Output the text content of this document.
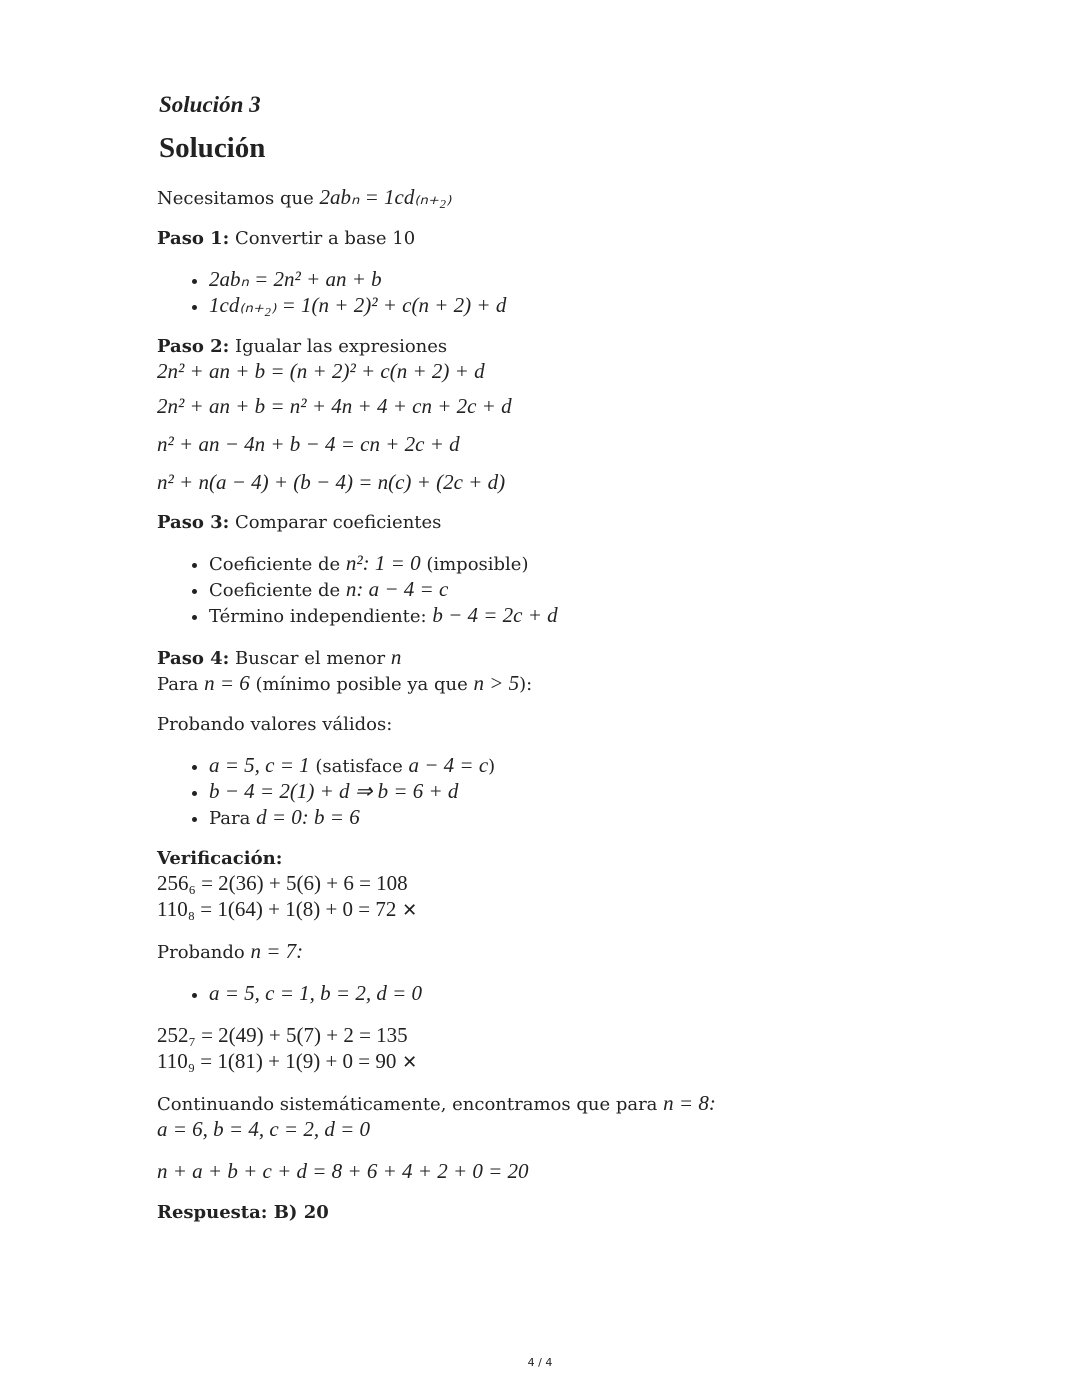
Solución 3
Solución
Necesitamos que 2abₙ = 1cd₍ₙ₊₂₎
Paso 1: Convertir a base 10
• 2abₙ = 2n² + an + b
• 1cd₍ₙ₊₂₎ = 1(n + 2)² + c(n + 2) + d
Paso 2: Igualar las expresiones
2n² + an + b = (n + 2)² + c(n + 2) + d
2n² + an + b = n² + 4n + 4 + cn + 2c + d
n² + an − 4n + b − 4 = cn + 2c + d
n² + n(a − 4) + (b − 4) = n(c) + (2c + d)
Paso 3: Comparar coeficientes
• Coeficiente de n²: 1 = 0 (imposible)
• Coeficiente de n: a − 4 = c
• Término independiente: b − 4 = 2c + d
Paso 4: Buscar el menor n
Para n = 6 (mínimo posible ya que n > 5):
Probando valores válidos:
• a = 5, c = 1 (satisface a − 4 = c)
• b − 4 = 2(1) + d ⇒ b = 6 + d
• Para d = 0: b = 6
Verificación:
256₆ = 2(36) + 5(6) + 6 = 108
110₈ = 1(64) + 1(8) + 0 = 72 ✕
Probando n = 7:
• a = 5, c = 1, b = 2, d = 0
252₇ = 2(49) + 5(7) + 2 = 135
110₉ = 1(81) + 1(9) + 0 = 90 ✕
Continuando sistemáticamente, encontramos que para n = 8:
a = 6, b = 4, c = 2, d = 0
n + a + b + c + d = 8 + 6 + 4 + 2 + 0 = 20
Respuesta: B) 20
4 / 4
